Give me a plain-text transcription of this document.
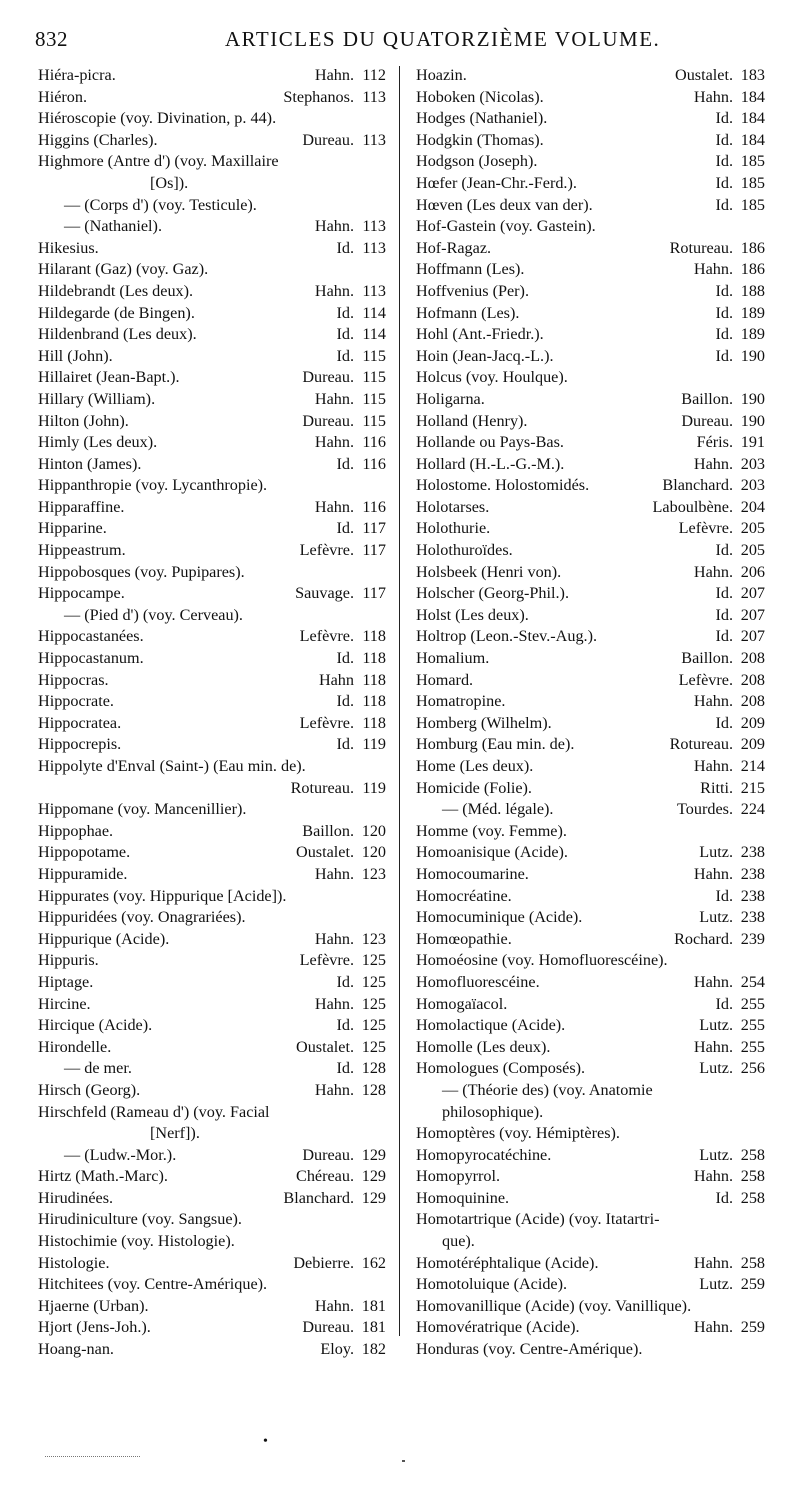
832	ARTICLES DU QUATORZIÈME VOLUME.
Hiéra-picra.	Hahn. 112
Hiéron.	Stephanos. 113
Hiéroscopie (voy. Divination, p. 44).
Higgins (Charles).	Dureau. 113
Highmore (Antre d') (voy. Maxillaire
[Os]).
— (Corps d') (voy. Testicule).
— (Nathaniel).	Hahn. 113
Hikesius.	Id. 113
Hilarant (Gaz) (voy. Gaz).
Hildebrandt (Les deux).	Hahn. 113
Hildegarde (de Bingen).	Id. 114
Hildenbrand (Les deux).	Id. 114
Hill (John).	Id. 115
Hillairet (Jean-Bapt.).	Dureau. 115
Hillary (William).	Hahn. 115
Hilton (John).	Dureau. 115
Himly (Les deux).	Hahn. 116
Hinton (James).	Id. 116
Hippanthropie (voy. Lycanthropie).
Hipparaffine.	Hahn. 116
Hipparine.	Id. 117
Hippeastrum.	Lefèvre. 117
Hippobosques (voy. Pupipares).
Hippocampe.	Sauvage. 117
— (Pied d') (voy. Cerveau).
Hippocastanées.	Lefèvre. 118
Hippocastanum.	Id. 118
Hippocras.	Hahn 118
Hippocrate.	Id. 118
Hippocratea.	Lefèvre. 118
Hippocrepis.	Id. 119
Hippolyte d'Enval (Saint-) (Eau min. de).
Rotureau. 119
Hippomane (voy. Mancenillier).
Hippophae.	Baillon. 120
Hippopotame.	Oustalet. 120
Hippuramide.	Hahn. 123
Hippurates (voy. Hippurique [Acide]).
Hippuridées (voy. Onagrariées).
Hippurique (Acide).	Hahn. 123
Hippuris.	Lefèvre. 125
Hiptage.	Id. 125
Hircine.	Hahn. 125
Hircique (Acide).	Id. 125
Hirondelle.	Oustalet. 125
— de mer.	Id. 128
Hirsch (Georg).	Hahn. 128
Hirschfeld (Rameau d') (voy. Facial
[Nerf]).
— (Ludw.-Mor.).	Dureau. 129
Hirtz (Math.-Marc).	Chéreau. 129
Hirudinées.	Blanchard. 129
Hirudiniculture (voy. Sangsue).
Histochimie (voy. Histologie).
Histologie.	Debierre. 162
Hitchitees (voy. Centre-Amérique).
Hjaerne (Urban).	Hahn. 181
Hjort (Jens-Joh.).	Dureau. 181
Hoang-nan.	Eloy. 182
Hoazin.	Oustalet. 183
Hoboken (Nicolas).	Hahn. 184
Hodges (Nathaniel).	Id. 184
Hodgkin (Thomas).	Id. 184
Hodgson (Joseph).	Id. 185
Hœfer (Jean-Chr.-Ferd.).	Id. 185
Hœven (Les deux van der).	Id. 185
Hof-Gastein (voy. Gastein).
Hof-Ragaz.	Rotureau. 186
Hoffmann (Les).	Hahn. 186
Hoffvenius (Per).	Id. 188
Hofmann (Les).	Id. 189
Hohl (Ant.-Friedr.).	Id. 189
Hoin (Jean-Jacq.-L.).	Id. 190
Holcus (voy. Houlque).
Holigarna.	Baillon. 190
Holland (Henry).	Dureau. 190
Hollande ou Pays-Bas.	Féris. 191
Hollard (H.-L.-G.-M.).	Hahn. 203
Holostome. Holostomidés.	Blanchard. 203
Holotarses.	Laboulbène. 204
Holothurie.	Lefèvre. 205
Holothuroïdes.	Id. 205
Holsbeek (Henri von).	Hahn. 206
Holscher (Georg-Phil.).	Id. 207
Holst (Les deux).	Id. 207
Holtrop (Leon.-Stev.-Aug.).	Id. 207
Homalium.	Baillon. 208
Homard.	Lefèvre. 208
Homatropine.	Hahn. 208
Homberg (Wilhelm).	Id. 209
Homburg (Eau min. de).	Rotureau. 209
Home (Les deux).	Hahn. 214
Homicide (Folie).	Ritti. 215
— (Méd. légale).	Tourdes. 224
Homme (voy. Femme).
Homoanisique (Acide).	Lutz. 238
Homocoumarine.	Hahn. 238
Homocréatine.	Id. 238
Homocuminique (Acide).	Lutz. 238
Homœopathie.	Rochard. 239
Homoéosine (voy. Homofluorescéine).
Homofluorescéine.	Hahn. 254
Homogaïacol.	Id. 255
Homolactique (Acide).	Lutz. 255
Homolle (Les deux).	Hahn. 255
Homologues (Composés).	Lutz. 256
— (Théorie des) (voy. Anatomie
philosophique).
Homoptères (voy. Hémiptères).
Homopyrocatéchine.	Lutz. 258
Homopyrrol.	Hahn. 258
Homoquinine.	Id. 258
Homotartrique (Acide) (voy. Itatartri-
que).
Homotéréphtalique (Acide).	Hahn. 258
Homotoluique (Acide).	Lutz. 259
Homovanillique (Acide) (voy. Vanillique).
Homovératrique (Acide).	Hahn. 259
Honduras (voy. Centre-Amérique).
•
